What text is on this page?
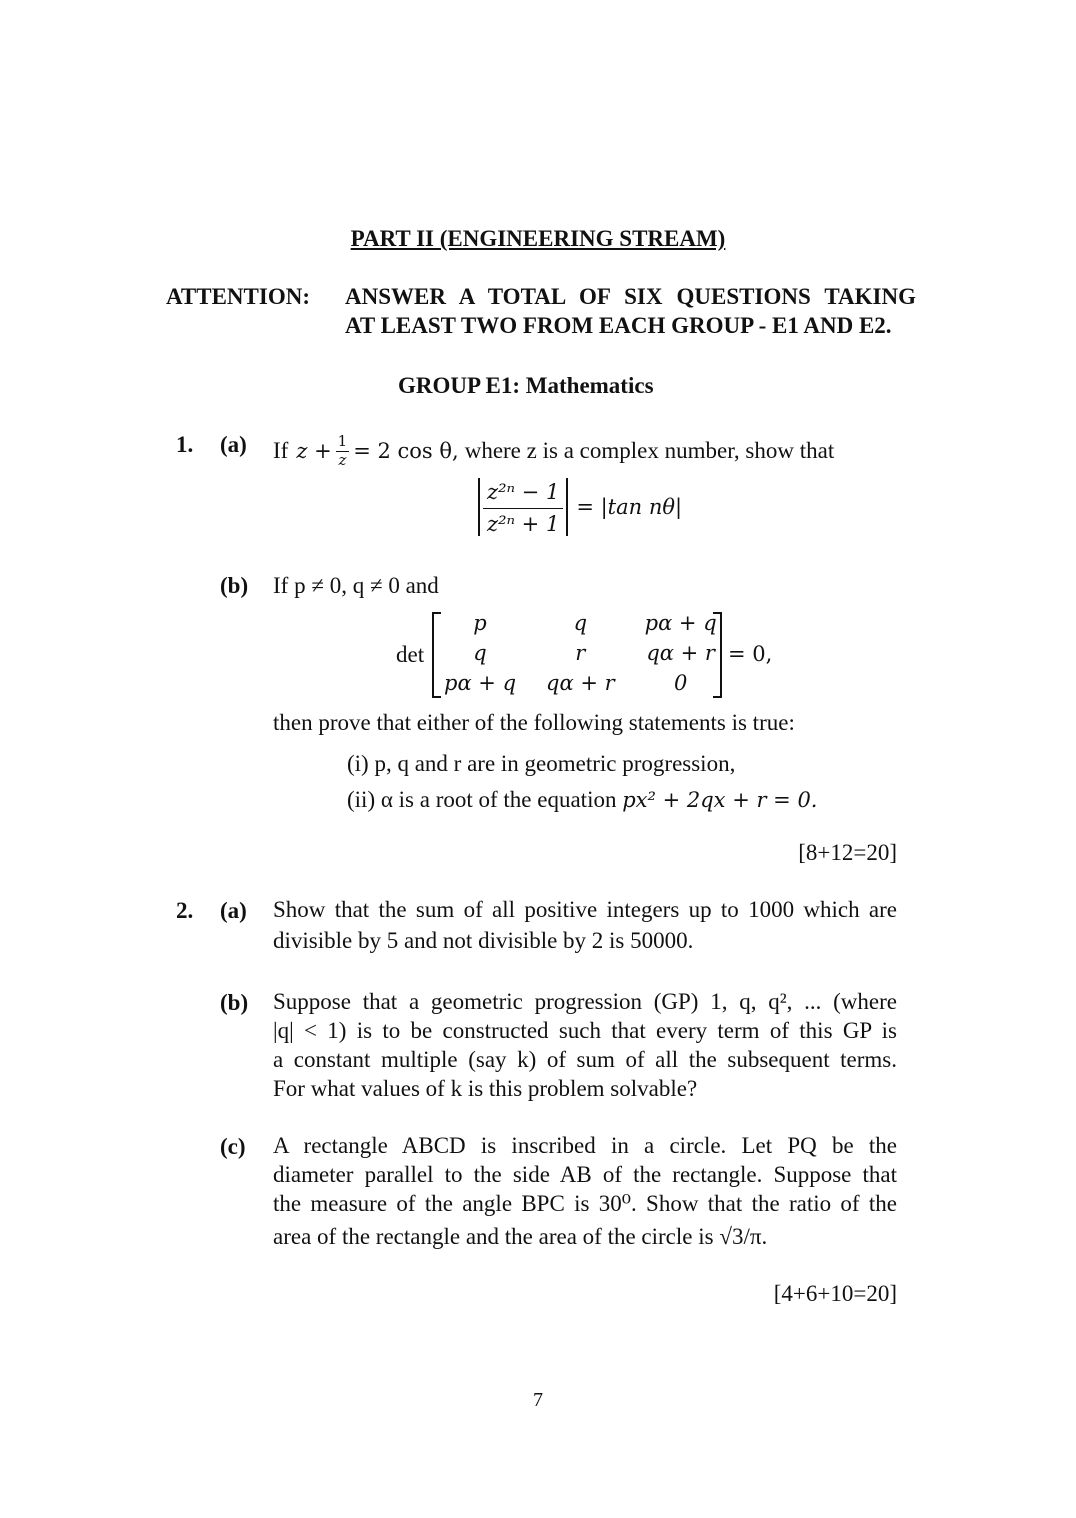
PART II (ENGINEERING STREAM)
ATTENTION: ANSWER A TOTAL OF SIX QUESTIONS TAKING
AT LEAST TWO FROM EACH GROUP - E1 AND E2.
GROUP E1: Mathematics
1. (a) If $z + \frac{1}{z} = 2$ cos θ, where z is a complex number, show that
$\frac{\text{z²ⁿ − 1}}{\text{z²ⁿ + 1}} = |\tan$ nθ|
(b) If p ≠ 0, q ≠ 0 and
det
p	q	pα + q
q	r	qα + r
pα + q	qα + r	0
= 0,
then prove that either of the following statements is true:
(i) p, q and r are in geometric progression,
(ii) α is a root of the equation px² + 2qx + r = 0.
[8+12=20]
2. (a) Show that the sum of all positive integers up to 1000 which are
divisible by 5 and not divisible by 2 is 50000.
(b) Suppose that a geometric progression (GP) 1, q, q², ... (where
|q| < 1) is to be constructed such that every term of this GP is
a constant multiple (say k) of sum of all the subsequent terms.
For what values of k is this problem solvable?
(c) A rectangle ABCD is inscribed in a circle. Let PQ be the
diameter parallel to the side AB of the rectangle. Suppose that
the measure of the angle BPC is 30⁰. Show that the ratio of the
area of the rectangle and the area of the circle is √3/π.
[4+6+10=20]
7
